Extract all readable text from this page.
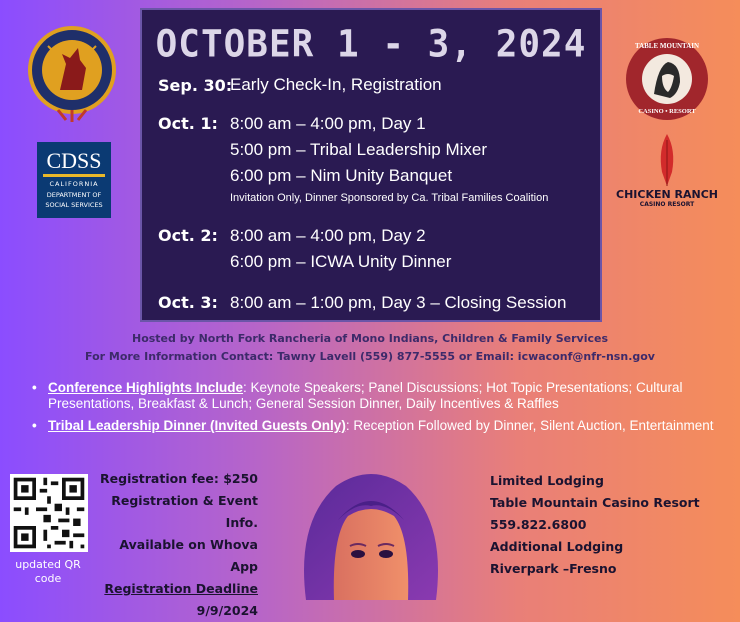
CDSS
CALIFORNIA
DEPARTMENT OF
SOCIAL SERVICES
OCTOBER 1 - 3, 2024
Sep. 30:
Early Check-In, Registration
Oct. 1: 8:00 am – 4:00 pm, Day 1
5:00 pm – Tribal Leadership Mixer
6:00 pm – Nim Unity Banquet
Invitation Only, Dinner Sponsored by Ca. Tribal Families Coalition
Oct. 2: 8:00 am – 4:00 pm, Day 2
6:00 pm – ICWA Unity Dinner
Oct. 3: 8:00 am – 1:00 pm, Day 3 – Closing Session
TABLE MOUNTAIN
CASINO • RESORT
CHICKEN RANCH
CASINO RESORT
Hosted by North Fork Rancheria of Mono Indians, Children & Family Services
For More Information Contact: Tawny Lavell (559) 877-5555 or Email: icwaconf@nfr-nsn.gov
• Conference Highlights Include: Keynote Speakers; Panel Discussions; Hot Topic Presentations; Cultural Presentations, Breakfast & Lunch; General Session Dinner, Daily Incentives & Raffles
• Tribal Leadership Dinner (Invited Guests Only): Reception Followed by Dinner, Silent Auction, Entertainment
updated QR code
Registration fee: $250
Registration & Event Info.
Available on Whova App
Registration Deadline
9/9/2024
Limited Lodging
Table Mountain Casino Resort
559.822.6800
Additional Lodging
Riverpark –Fresno
